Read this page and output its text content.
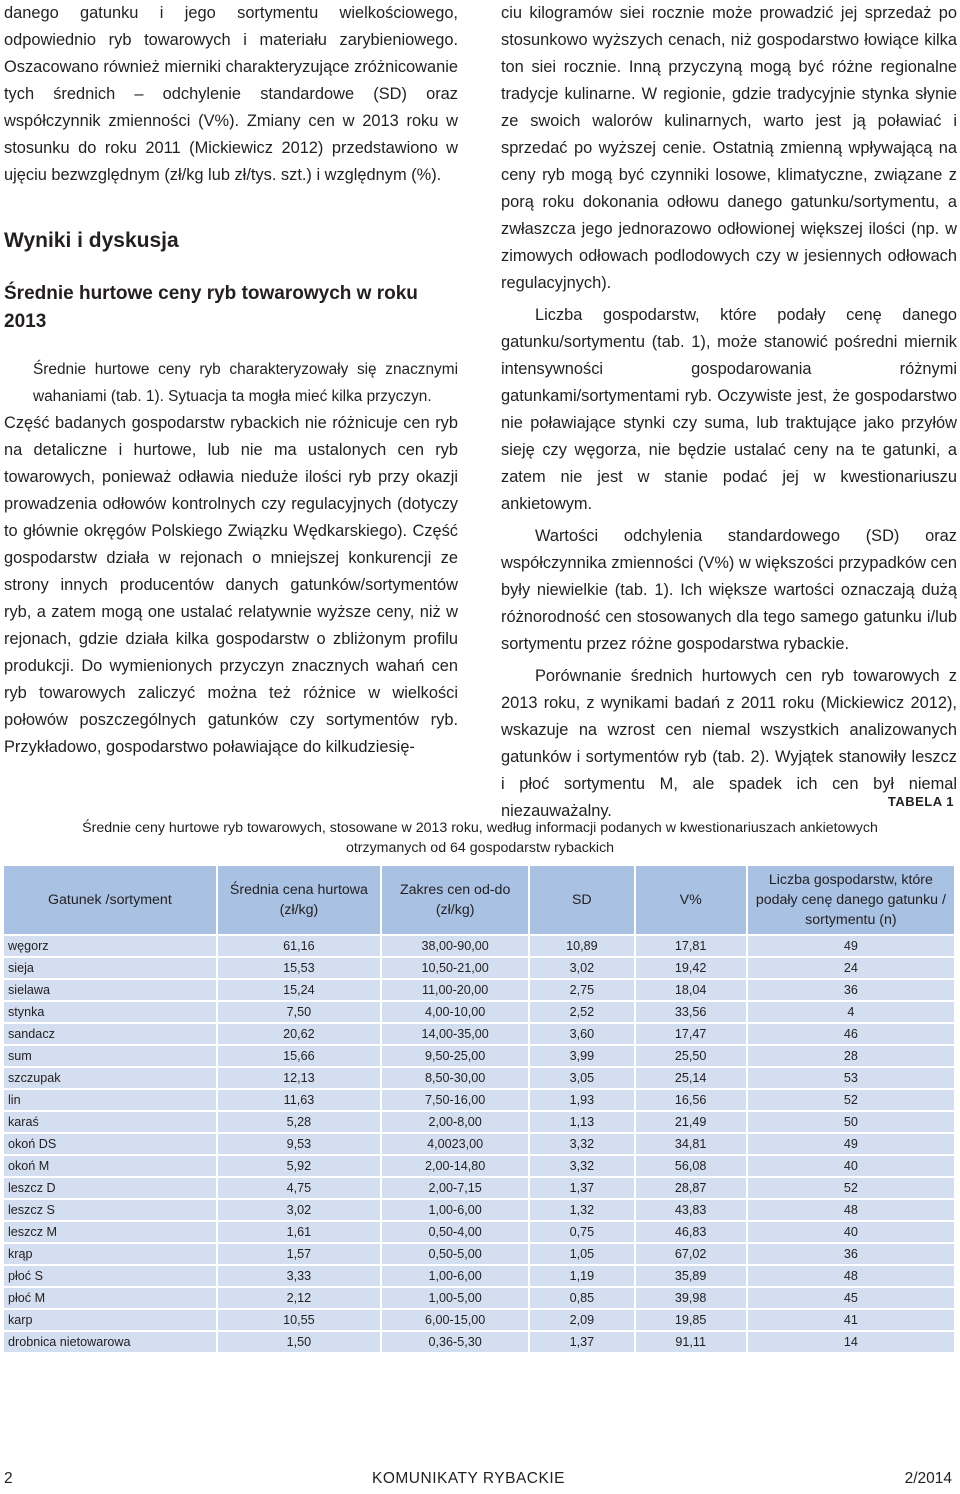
danego gatunku i jego sortymentu wielkościowego, odpowiednio ryb towarowych i materiału zarybieniowego. Oszacowano również mierniki charakteryzujące zróżnicowanie tych średnich – odchylenie standardowe (SD) oraz współczynnik zmienności (V%). Zmiany cen w 2013 roku w stosunku do roku 2011 (Mickiewicz 2012) przedstawiono w ujęciu bezwzględnym (zł/kg lub zł/tys. szt.) i względnym (%).

Wyniki i dyskusja
Średnie hurtowe ceny ryb towarowych w roku 2013

Średnie hurtowe ceny ryb charakteryzowały się znacznymi wahaniami (tab. 1). Sytuacja ta mogła mieć kilka przyczyn.

Część badanych gospodarstw rybackich nie różnicuje cen ryb na detaliczne i hurtowe, lub nie ma ustalonych cen ryb towarowych, ponieważ odławia nieduże ilości ryb przy okazji prowadzenia odłowów kontrolnych czy regulacyjnych (dotyczy to głównie okręgów Polskiego Związku Wędkarskiego). Część gospodarstw działa w rejonach o mniejszej konkurencji ze strony innych producentów danych gatunków/sortymentów ryb, a zatem mogą one ustalać relatywnie wyższe ceny, niż w rejonach, gdzie działa kilka gospodarstw o zbliżonym profilu produkcji. Do wymienionych przyczyn znacznych wahań cen ryb towarowych zaliczyć można też różnice w wielkości połowów poszczególnych gatunków czy sortymentów ryb. Przykładowo, gospodarstwo poławiające do kilkudziesię-

ciu kilogramów siei rocznie może prowadzić jej sprzedaż po stosunkowo wyższych cenach, niż gospodarstwo łowiące kilka ton siei rocznie. Inną przyczyną mogą być różne regionalne tradycje kulinarne. W regionie, gdzie tradycyjnie stynka słynie ze swoich walorów kulinarnych, warto jest ją poławiać i sprzedać po wyższej cenie. Ostatnią zmienną wpływającą na ceny ryb mogą być czynniki losowe, klimatyczne, związane z porą roku dokonania odłowu danego gatunku/sortymentu, a zwłaszcza jego jednorazowo odłowionej większej ilości (np. w zimowych odłowach podlodowych czy w jesiennych odłowach regulacyjnych).

Liczba gospodarstw, które podały cenę danego gatunku/sortymentu (tab. 1), może stanowić pośredni miernik intensywności gospodarowania różnymi gatunkami/sortymentami ryb. Oczywiste jest, że gospodarstwo nie poławiające stynki czy suma, lub traktujące jako przyłów sieję czy węgorza, nie będzie ustalać ceny na te gatunki, a zatem nie jest w stanie podać jej w kwestionariuszu ankietowym.

Wartości odchylenia standardowego (SD) oraz współczynnika zmienności (V%) w większości przypadków cen były niewielkie (tab. 1). Ich większe wartości oznaczają dużą różnorodność cen stosowanych dla tego samego gatunku i/lub sortymentu przez różne gospodarstwa rybackie.

Porównanie średnich hurtowych cen ryb towarowych z 2013 roku, z wynikami badań z 2011 roku (Mickiewicz 2012), wskazuje na wzrost cen niemal wszystkich analizowanych gatunków i sortymentów ryb (tab. 2). Wyjątek stanowiły leszcz i płoć sortymentu M, ale spadek ich cen był niemal niezauważalny.

TABELA 1
Średnie ceny hurtowe ryb towarowych, stosowane w 2013 roku, według informacji podanych w kwestionariuszach ankietowych otrzymanych od 64 gospodarstw rybackich
Gatunek /sortyment	Średnia cena hurtowa (zł/kg)	Zakres cen od-do (zł/kg)	SD	V%	Liczba gospodarstw, które podały cenę danego gatunku / sortymentu (n)
węgorz	61,16	38,00-90,00	10,89	17,81	49
sieja	15,53	10,50-21,00	3,02	19,42	24
sielawa	15,24	11,00-20,00	2,75	18,04	36
stynka	7,50	4,00-10,00	2,52	33,56	4
sandacz	20,62	14,00-35,00	3,60	17,47	46
sum	15,66	9,50-25,00	3,99	25,50	28
szczupak	12,13	8,50-30,00	3,05	25,14	53
lin	11,63	7,50-16,00	1,93	16,56	52
karaś	5,28	2,00-8,00	1,13	21,49	50
okoń DS	9,53	4,0023,00	3,32	34,81	49
okoń M	5,92	2,00-14,80	3,32	56,08	40
leszcz D	4,75	2,00-7,15	1,37	28,87	52
leszcz S	3,02	1,00-6,00	1,32	43,83	48
leszcz M	1,61	0,50-4,00	0,75	46,83	40
krąp	1,57	0,50-5,00	1,05	67,02	36
płoć S	3,33	1,00-6,00	1,19	35,89	48
płoć M	2,12	1,00-5,00	0,85	39,98	45
karp	10,55	6,00-15,00	2,09	19,85	41
drobnica nietowarowa	1,50	0,36-5,30	1,37	91,11	14
2	KOMUNIKATY RYBACKIE	2/2014
